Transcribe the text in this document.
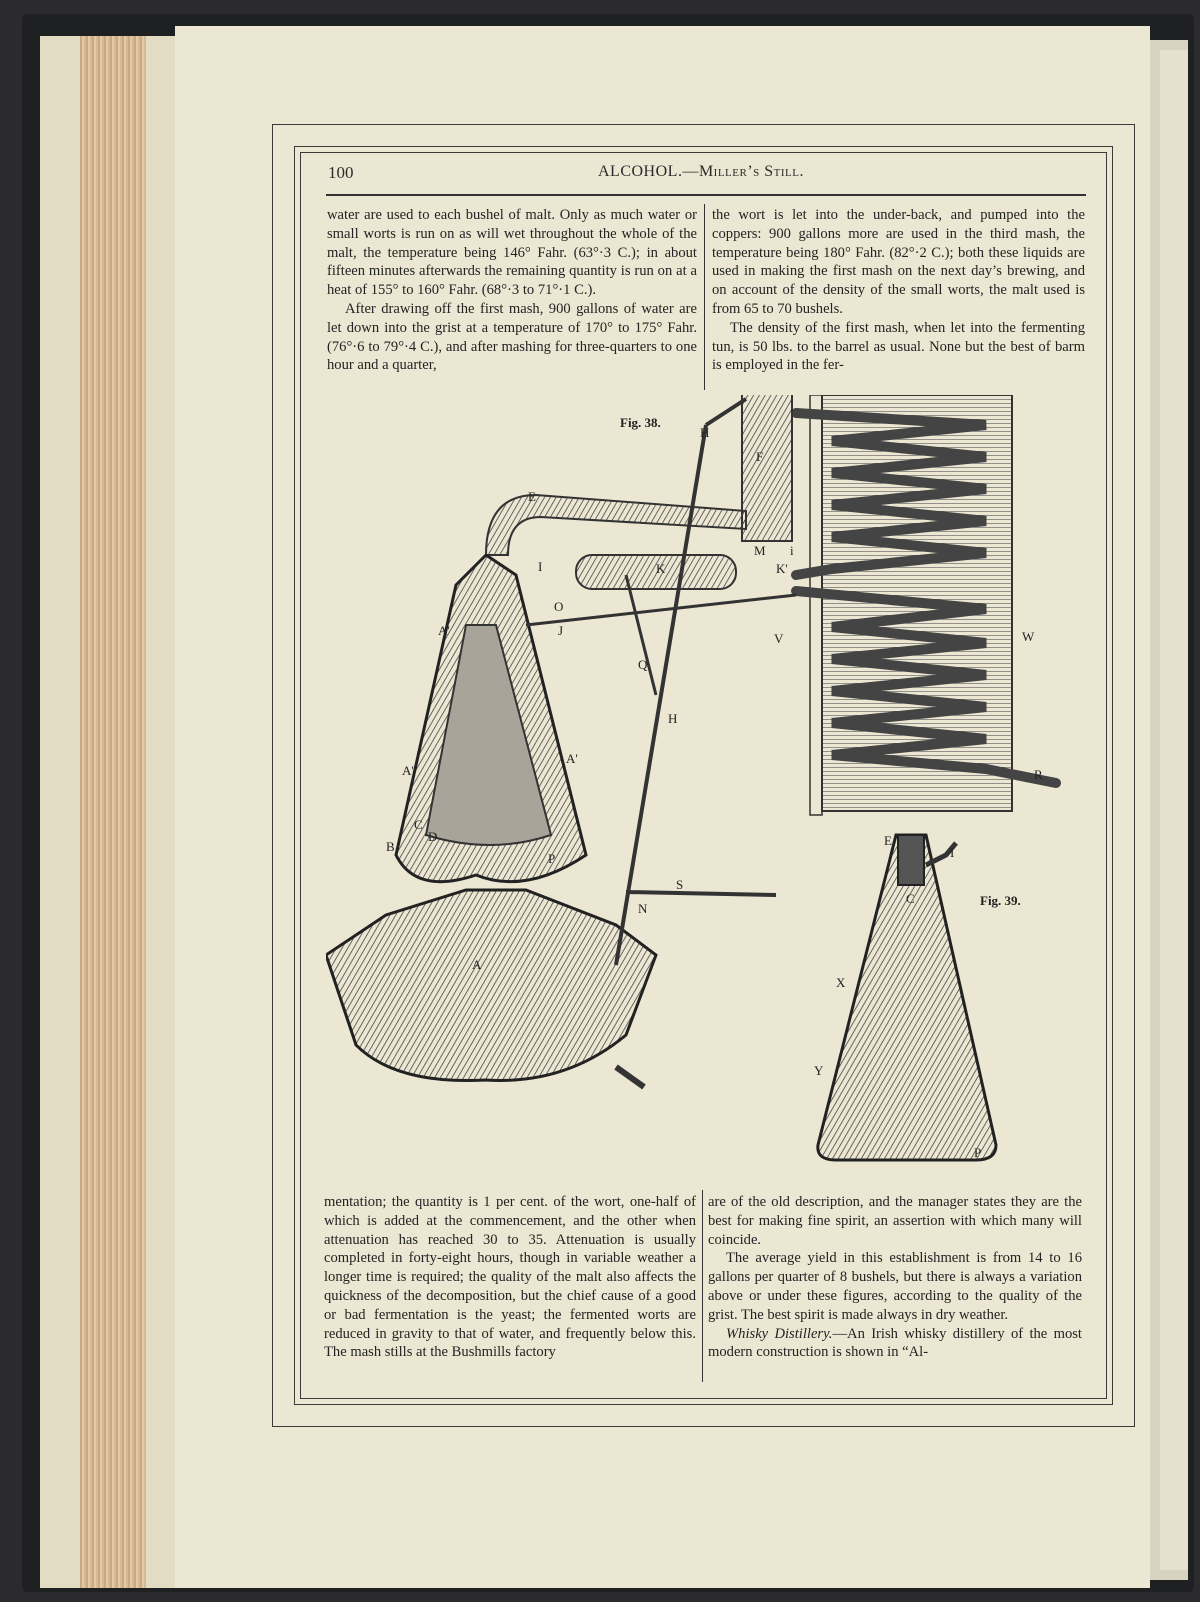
100	ALCOHOL.—Miller’s Still.

water are used to each bushel of malt. Only as much water or small worts is run on as will wet throughout the whole of the malt, the temperature being 146° Fahr. (63°·3 C.); in about fifteen minutes afterwards the remaining quantity is run on at a heat of 155° to 160° Fahr. (68°·3 to 71°·1 C.).

After drawing off the first mash, 900 gallons of water are let down into the grist at a temperature of 170° to 175° Fahr. (76°·6 to 79°·4 C.), and after mashing for three-quarters to one hour and a quarter,

the wort is let into the under-back, and pumped into the coppers: 900 gallons more are used in the third mash, the temperature being 180° Fahr. (82°·2 C.); both these liquids are used in making the first mash on the next day’s brewing, and on account of the density of the small worts, the malt used is from 65 to 70 bushels.

The density of the first mash, when let into the fermenting tun, is 50 lbs. to the barrel as usual. None but the best of barm is employed in the fer-

Fig. 38.
Fig. 39.
E
F
H
H
I
i
J
O
K	K'
M
Q
V	W
R
A'
A'
A'
B
C
D
P
A
S
N
E
I
C
X
Y
P

mentation; the quantity is 1 per cent. of the wort, one-half of which is added at the commencement, and the other when attenuation has reached 30 to 35. Attenuation is usually completed in forty-eight hours, though in variable weather a longer time is required; the quality of the malt also affects the quickness of the decomposition, but the chief cause of a good or bad fermentation is the yeast; the fermented worts are reduced in gravity to that of water, and frequently below this. The mash stills at the Bushmills factory

are of the old description, and the manager states they are the best for making fine spirit, an assertion with which many will coincide.

The average yield in this establishment is from 14 to 16 gallons per quarter of 8 bushels, but there is always a variation above or under these figures, according to the quality of the grist. The best spirit is made always in dry weather.

Whisky Distillery.—An Irish whisky distillery of the most modern construction is shown in “Al-
